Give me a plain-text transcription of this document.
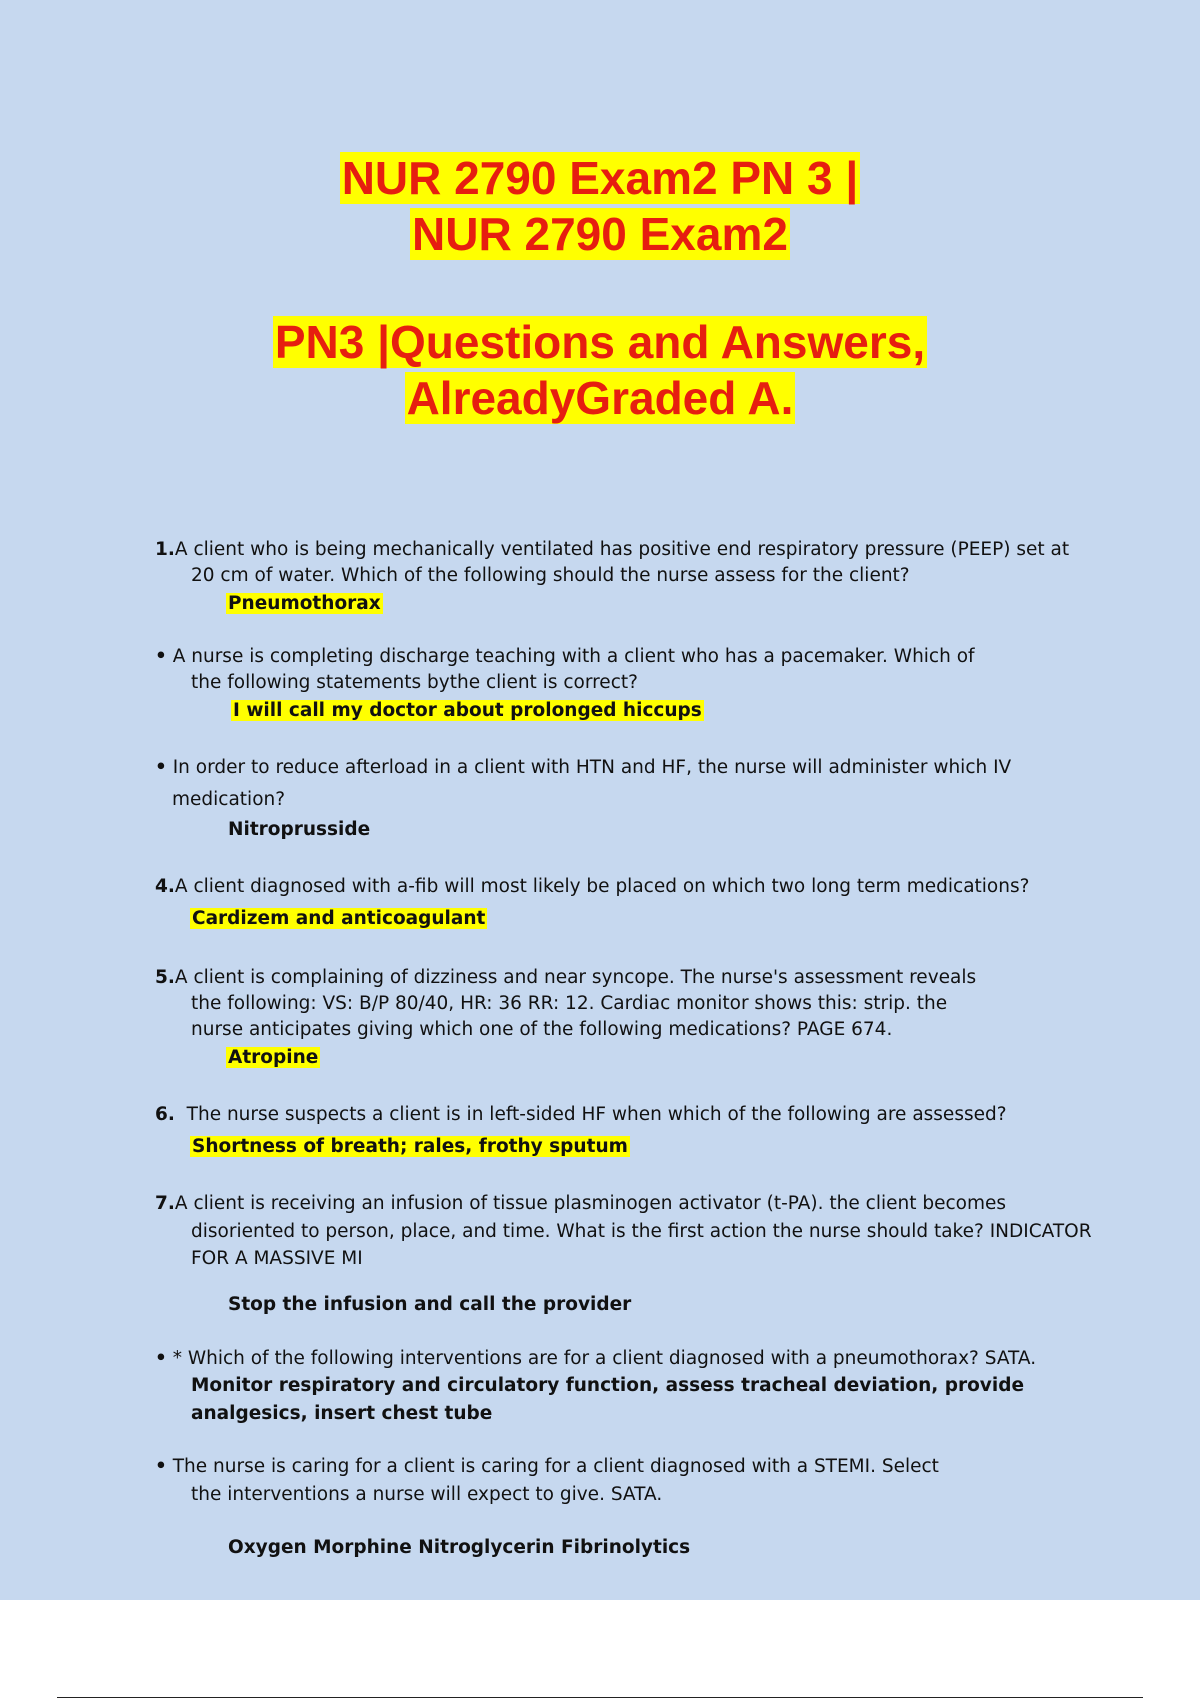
NUR 2790 Exam2 PN 3 |
NUR 2790 Exam2
PN3 |Questions and Answers,
AlreadyGraded A.
1.A client who is being mechanically ventilated has positive end respiratory pressure (PEEP) set at
20 cm of water. Which of the following should the nurse assess for the client?
Pneumothorax
• A nurse is completing discharge teaching with a client who has a pacemaker. Which of
the following statements bythe client is correct?
I will call my doctor about prolonged hiccups
• In order to reduce afterload in a client with HTN and HF, the nurse will administer which IV
medication?
Nitroprusside
4.A client diagnosed with a-fib will most likely be placed on which two long term medications?
Cardizem and anticoagulant
5.A client is complaining of dizziness and near syncope. The nurse's assessment reveals
the following: VS: B/P 80/40, HR: 36 RR: 12. Cardiac monitor shows this: strip. the
nurse anticipates giving which one of the following medications? PAGE 674.
Atropine
6. The nurse suspects a client is in left-sided HF when which of the following are assessed?
Shortness of breath; rales, frothy sputum
7.A client is receiving an infusion of tissue plasminogen activator (t-PA). the client becomes
disoriented to person, place, and time. What is the first action the nurse should take? INDICATOR
FOR A MASSIVE MI
Stop the infusion and call the provider
• * Which of the following interventions are for a client diagnosed with a pneumothorax? SATA.
Monitor respiratory and circulatory function, assess tracheal deviation, provide
analgesics, insert chest tube
• The nurse is caring for a client is caring for a client diagnosed with a STEMI. Select
the interventions a nurse will expect to give. SATA.
Oxygen Morphine Nitroglycerin Fibrinolytics
